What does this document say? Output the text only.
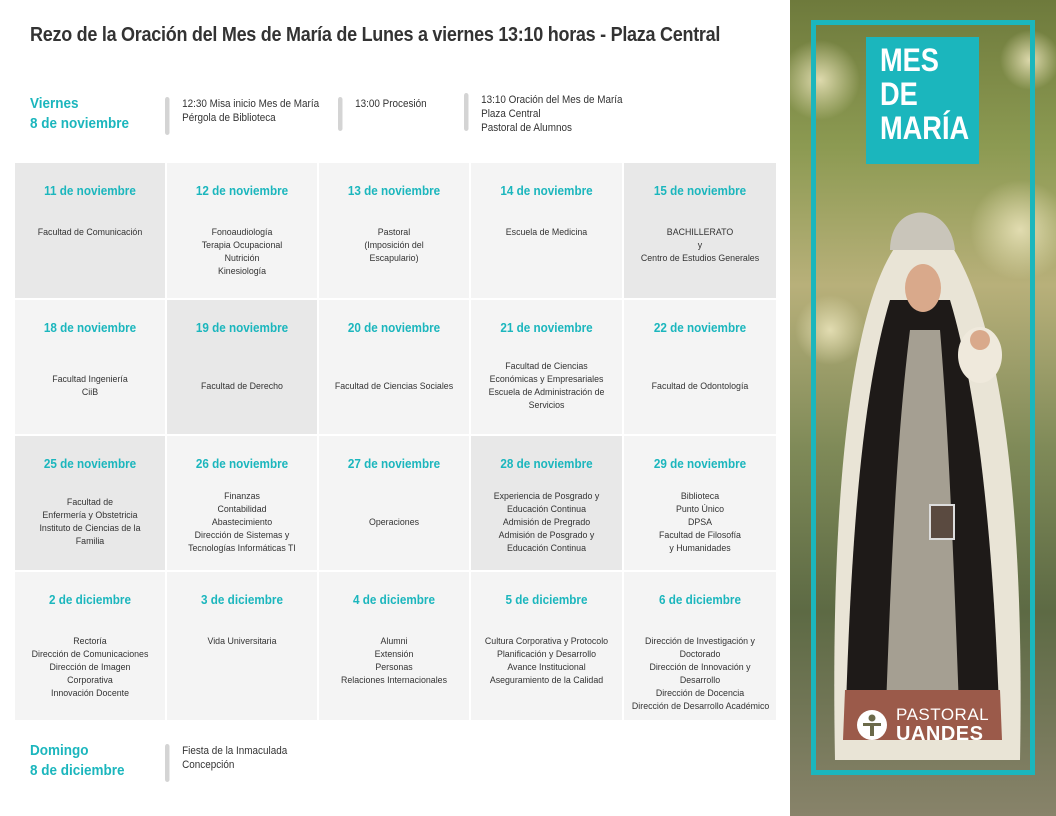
Rezo de la Oración del Mes de María de Lunes a viernes 13:10 horas - Plaza Central
Viernes
8 de noviembre
12:30 Misa inicio Mes de María
Pérgola de Biblioteca
13:00 Procesión	13:10 Oración del Mes de María
Plaza Central
Pastoral de Alumnos
11 de noviembre
Facultad de Comunicación
12 de noviembre
Fonoaudiología
Terapia Ocupacional
Nutrición
Kinesiología
13 de noviembre
Pastoral
(Imposición del
Escapulario)
14 de noviembre
Escuela de Medicina
15 de noviembre
BACHILLERATO
y
Centro de Estudios Generales
18 de noviembre
Facultad Ingeniería
CiiB
19 de noviembre
Facultad de Derecho
20 de noviembre
Facultad de Ciencias Sociales
21 de noviembre
Facultad de Ciencias
Económicas y Empresariales
Escuela de Administración de
Servicios
22 de noviembre
Facultad de Odontología
25 de noviembre
Facultad de
Enfermería y Obstetricia
Instituto de Ciencias de la
Familia
26 de noviembre
Finanzas
Contabilidad
Abastecimiento
Dirección de Sistemas y
Tecnologías Informáticas TI
27 de noviembre
Operaciones
28 de noviembre
Experiencia de Posgrado y
Educación Continua
Admisión de Pregrado
Admisión de Posgrado y
Educación Continua
29 de noviembre
Biblioteca
Punto Único
DPSA
Facultad de Filosofía
y Humanidades
2 de diciembre
Rectoría
Dirección de Comunicaciones
Dirección de Imagen
Corporativa
Innovación Docente
3 de diciembre
Vida Universitaria
4 de diciembre
Alumni
Extensión
Personas
Relaciones Internacionales
5 de diciembre
Cultura Corporativa y Protocolo
Planificación y Desarrollo
Avance Institucional
Aseguramiento de la Calidad
6 de diciembre
Dirección de Investigación y
Doctorado
Dirección de Innovación y
Desarrollo
Dirección de Docencia
Dirección de Desarrollo Académico
Domingo
8 de diciembre
Fiesta de la Inmaculada
Concepción
MES
DE
MARÍA
PASTORAL
UANDES
